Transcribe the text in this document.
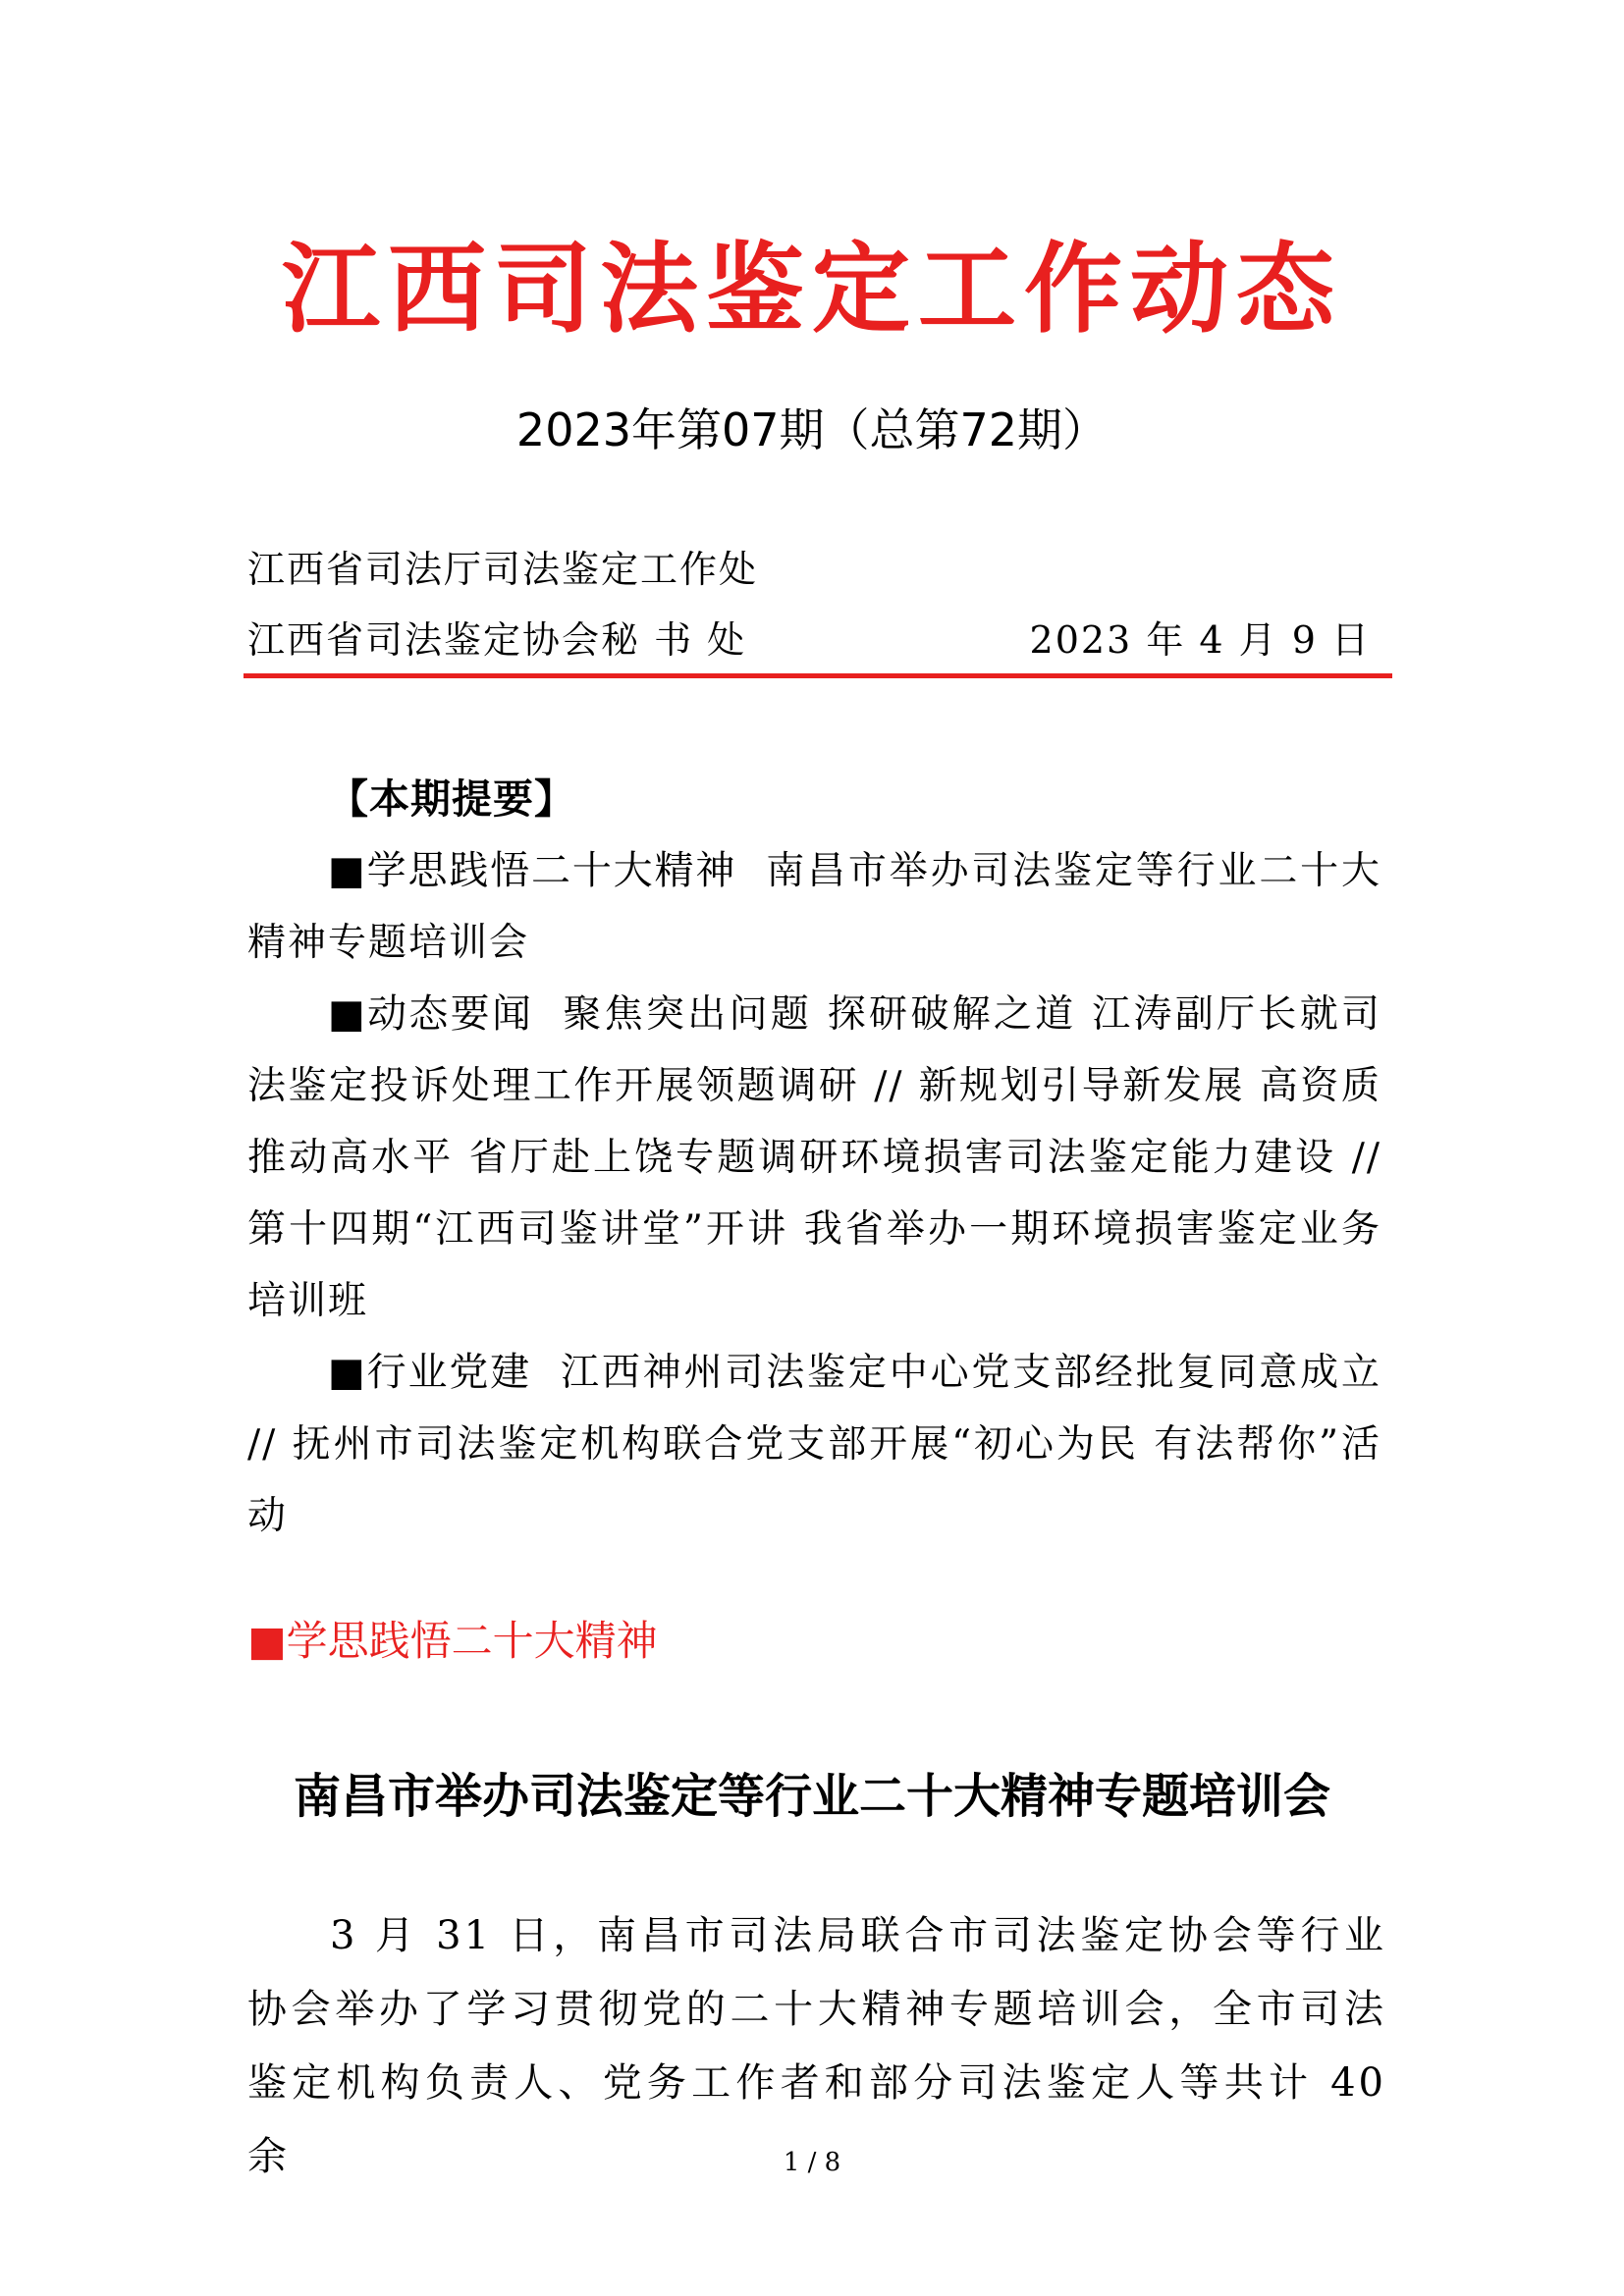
江西司法鉴定工作动态
2023年第07期（总第72期）
江西省司法厅司法鉴定工作处
江西省司法鉴定协会秘 书 处	2023 年 4 月 9 日

【本期提要】

■学思践悟二十大精神 南昌市举办司法鉴定等行业二十大精神专题培训会

■动态要闻 聚焦突出问题 探研破解之道 江涛副厅长就司法鉴定投诉处理工作开展领题调研 // 新规划引导新发展 高资质推动高水平 省厅赴上饶专题调研环境损害司法鉴定能力建设 // 第十四期“江西司鉴讲堂”开讲 我省举办一期环境损害鉴定业务培训班

■行业党建 江西神州司法鉴定中心党支部经批复同意成立 // 抚州市司法鉴定机构联合党支部开展“初心为民 有法帮你”活动

■学思践悟二十大精神
南昌市举办司法鉴定等行业二十大精神专题培训会

3 月 31 日，南昌市司法局联合市司法鉴定协会等行业协会举办了学习贯彻党的二十大精神专题培训会，全市司法鉴定机构负责人、党务工作者和部分司法鉴定人等共计 40 余	1 / 8
